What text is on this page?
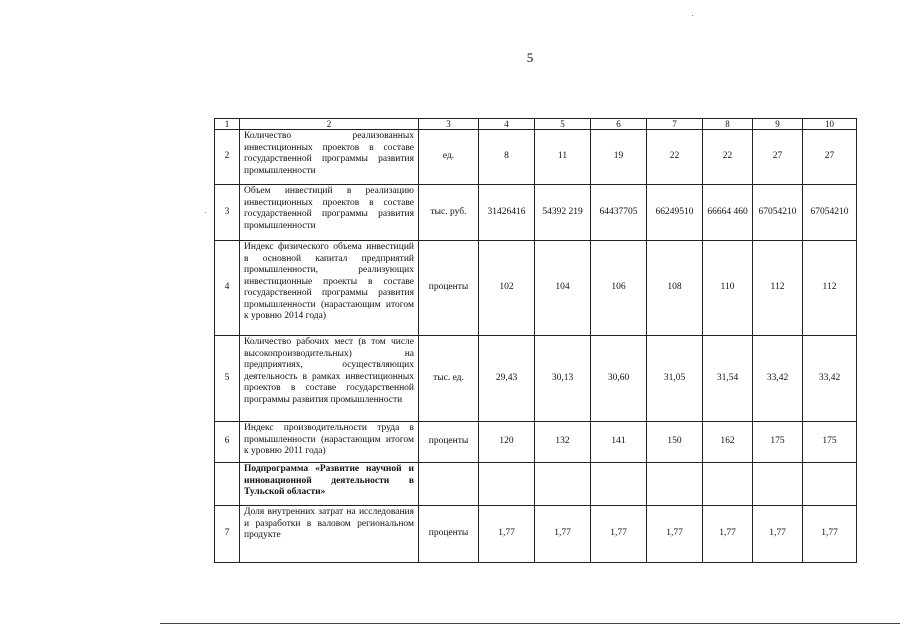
5
1	2	3	4	5	6	7	8	9	10
2	Количество реализованных инвестиционных проектов в составе государственной программы развития промышленности	ед.	8	11	19	22	22	27	27
3	Объем инвестиций в реализацию инвестиционных проектов в составе государственной программы развития промышленности	тыс. руб.	31426416	54392 219	64437705	66249510	66664 460	67054210	67054210
4	Индекс физического объема инвестиций в основной капитал предприятий промышленности, реализующих инвестиционные проекты в составе государственной программы развития промышленности (нарастающим итогом к уровню 2014 года)	проценты	102	104	106	108	110	112	112
5	Количество рабочих мест (в том числе высокопроизводительных) на предприятиях, осуществляющих деятельность в рамках инвестиционных проектов в составе государственной программы развития промышленности	тыс. ед.	29,43	30,13	30,60	31,05	31,54	33,42	33,42
6	Индекс производительности труда в промышленности (нарастающим итогом к уровню 2011 года)	проценты	120	132	141	150	162	175	175
	Подпрограмма «Развитие научной и инновационной деятельности в Тульской области»								
7	Доля внутренних затрат на исследования и разработки в валовом региональном продукте	проценты	1,77	1,77	1,77	1,77	1,77	1,77	1,77
